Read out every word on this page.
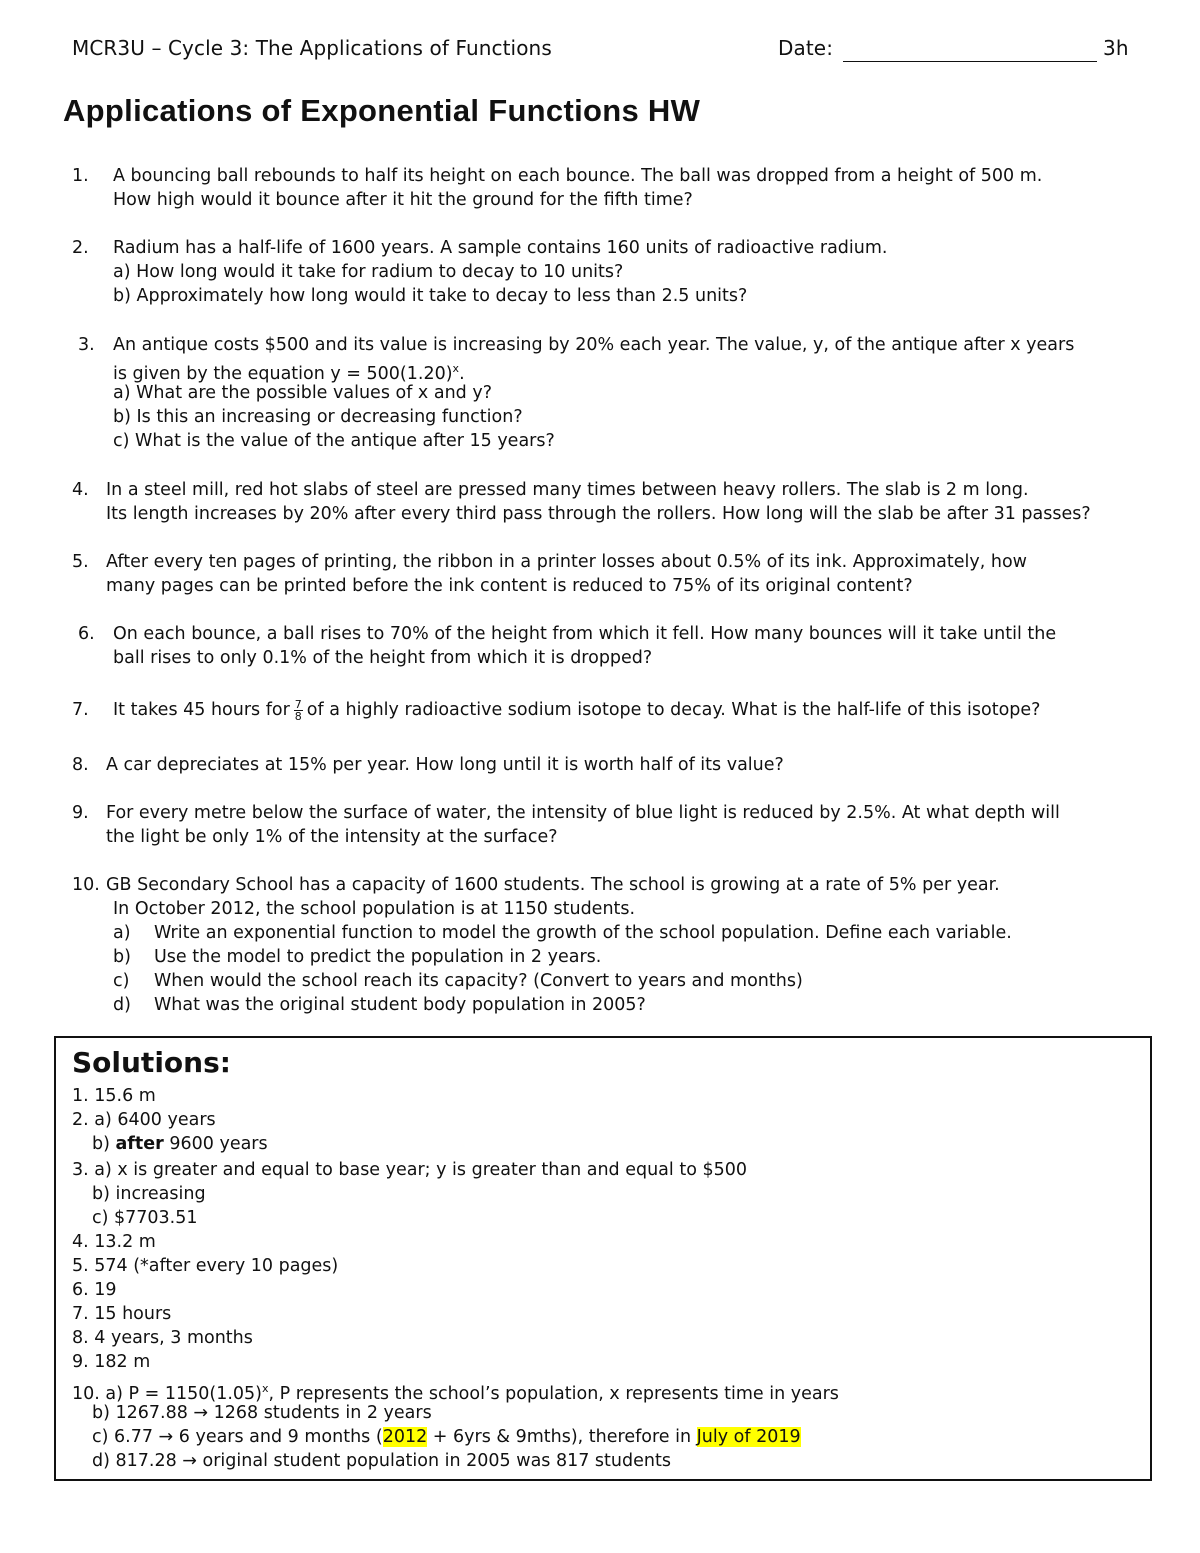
MCR3U – Cycle 3: The Applications of Functions	Date:	3h
Applications of Exponential Functions HW
1. A bouncing ball rebounds to half its height on each bounce. The ball was dropped from a height of 500 m.
How high would it bounce after it hit the ground for the fifth time?
2. Radium has a half-life of 1600 years. A sample contains 160 units of radioactive radium.
a) How long would it take for radium to decay to 10 units?
b) Approximately how long would it take to decay to less than 2.5 units?
3. An antique costs $500 and its value is increasing by 20% each year. The value, y, of the antique after x years
is given by the equation $y = 500(1.20)^x$.
a) What are the possible values of x and y?
b) Is this an increasing or decreasing function?
c) What is the value of the antique after 15 years?
4. In a steel mill, red hot slabs of steel are pressed many times between heavy rollers. The slab is 2 m long.
Its length increases by 20% after every third pass through the rollers. How long will the slab be after 31 passes?
5. After every ten pages of printing, the ribbon in a printer losses about 0.5% of its ink. Approximately, how
many pages can be printed before the ink content is reduced to 75% of its original content?
6. On each bounce, a ball rises to 70% of the height from which it fell. How many bounces will it take until the
ball rises to only 0.1% of the height from which it is dropped?
7. It takes 45 hours for $\frac{7}{8}$ of a highly radioactive sodium isotope to decay. What is the half-life of this isotope?
8. A car depreciates at 15% per year. How long until it is worth half of its value?
9. For every metre below the surface of water, the intensity of blue light is reduced by 2.5%. At what depth will
the light be only 1% of the intensity at the surface?
10. GB Secondary School has a capacity of 1600 students. The school is growing at a rate of 5% per year.
In October 2012, the school population is at 1150 students.
a) Write an exponential function to model the growth of the school population. Define each variable.
b) Use the model to predict the population in 2 years.
c) When would the school reach its capacity? (Convert to years and months)
d) What was the original student body population in 2005?
Solutions:
1. 15.6 m
2. a) 6400 years
b) after 9600 years
3. a) x is greater and equal to base year; y is greater than and equal to $500
b) increasing
c) $7703.51
4. 13.2 m
5. 574 (*after every 10 pages)
6. 19
7. 15 hours
8. 4 years, 3 months
9. 182 m
10. a) $P = 1150(1.05)^x$, P represents the school’s population, x represents time in years
b) 1267.88 → 1268 students in 2 years
c) 6.77 → 6 years and 9 months (2012 + 6yrs & 9mths), therefore in July of 2019
d) 817.28 → original student population in 2005 was 817 students
